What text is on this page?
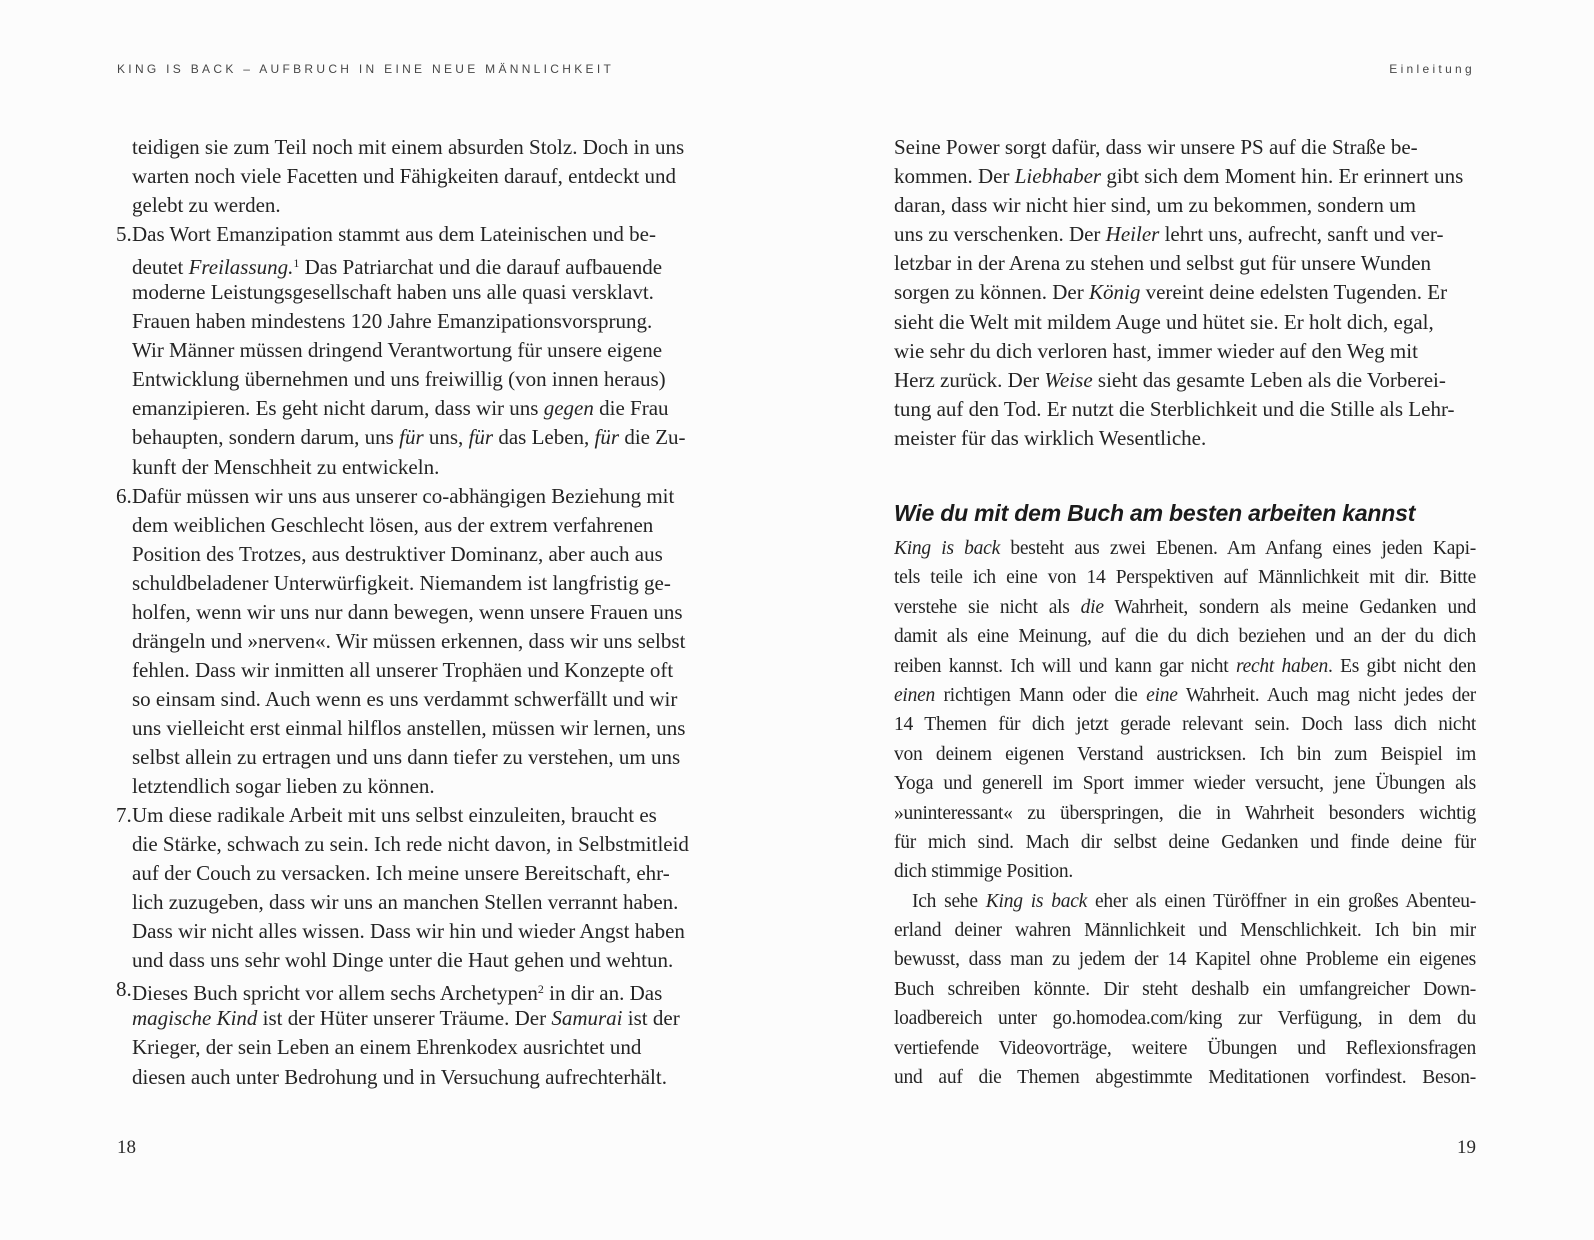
KING IS BACK – AUFBRUCH IN EINE NEUE MÄNNLICHKEIT
teidigen sie zum Teil noch mit einem absurden Stolz. Doch in uns
warten noch viele Facetten und Fähigkeiten darauf, entdeckt und
gelebt zu werden.
5. Das Wort Emanzipation stammt aus dem Lateinischen und be-
deutet Freilassung.$^1$ Das Patriarchat und die darauf aufbauende
moderne Leistungsgesellschaft haben uns alle quasi versklavt.
Frauen haben mindestens 120 Jahre Emanzipationsvorsprung.
Wir Männer müssen dringend Verantwortung für unsere eigene
Entwicklung übernehmen und uns freiwillig (von innen heraus)
emanzipieren. Es geht nicht darum, dass wir uns gegen die Frau
behaupten, sondern darum, uns für uns, für das Leben, für die Zu-
kunft der Menschheit zu entwickeln.
6. Dafür müssen wir uns aus unserer co-abhängigen Beziehung mit
dem weiblichen Geschlecht lösen, aus der extrem verfahrenen
Position des Trotzes, aus destruktiver Dominanz, aber auch aus
schuldbeladener Unterwürfigkeit. Niemandem ist langfristig ge-
holfen, wenn wir uns nur dann bewegen, wenn unsere Frauen uns
drängeln und »nerven«. Wir müssen erkennen, dass wir uns selbst
fehlen. Dass wir inmitten all unserer Trophäen und Konzepte oft
so einsam sind. Auch wenn es uns verdammt schwerfällt und wir
uns vielleicht erst einmal hilflos anstellen, müssen wir lernen, uns
selbst allein zu ertragen und uns dann tiefer zu verstehen, um uns
letztendlich sogar lieben zu können.
7. Um diese radikale Arbeit mit uns selbst einzuleiten, braucht es
die Stärke, schwach zu sein. Ich rede nicht davon, in Selbstmitleid
auf der Couch zu versacken. Ich meine unsere Bereitschaft, ehr-
lich zuzugeben, dass wir uns an manchen Stellen verrannt haben.
Dass wir nicht alles wissen. Dass wir hin und wieder Angst haben
und dass uns sehr wohl Dinge unter die Haut gehen und wehtun.
8. Dieses Buch spricht vor allem sechs Archetypen$^2$ in dir an. Das
magische Kind ist der Hüter unserer Träume. Der Samurai ist der
Krieger, der sein Leben an einem Ehrenkodex ausrichtet und
diesen auch unter Bedrohung und in Versuchung aufrechterhält.
18
Einleitung
Seine Power sorgt dafür, dass wir unsere PS auf die Straße be-
kommen. Der Liebhaber gibt sich dem Moment hin. Er erinnert uns
daran, dass wir nicht hier sind, um zu bekommen, sondern um
uns zu verschenken. Der Heiler lehrt uns, aufrecht, sanft und ver-
letzbar in der Arena zu stehen und selbst gut für unsere Wunden
sorgen zu können. Der König vereint deine edelsten Tugenden. Er
sieht die Welt mit mildem Auge und hütet sie. Er holt dich, egal,
wie sehr du dich verloren hast, immer wieder auf den Weg mit
Herz zurück. Der Weise sieht das gesamte Leben als die Vorberei-
tung auf den Tod. Er nutzt die Sterblichkeit und die Stille als Lehr-
meister für das wirklich Wesentliche.
Wie du mit dem Buch am besten arbeiten kannst
King is back besteht aus zwei Ebenen. Am Anfang eines jeden Kapi-
tels teile ich eine von 14 Perspektiven auf Männlichkeit mit dir. Bitte
verstehe sie nicht als die Wahrheit, sondern als meine Gedanken und
damit als eine Meinung, auf die du dich beziehen und an der du dich
reiben kannst. Ich will und kann gar nicht recht haben. Es gibt nicht den
einen richtigen Mann oder die eine Wahrheit. Auch mag nicht jedes der
14 Themen für dich jetzt gerade relevant sein. Doch lass dich nicht
von deinem eigenen Verstand austricksen. Ich bin zum Beispiel im
Yoga und generell im Sport immer wieder versucht, jene Übungen als
»uninteressant« zu überspringen, die in Wahrheit besonders wichtig
für mich sind. Mach dir selbst deine Gedanken und finde deine für
dich stimmige Position.
Ich sehe King is back eher als einen Türöffner in ein großes Abenteu-
erland deiner wahren Männlichkeit und Menschlichkeit. Ich bin mir
bewusst, dass man zu jedem der 14 Kapitel ohne Probleme ein eigenes
Buch schreiben könnte. Dir steht deshalb ein umfangreicher Down-
loadbereich unter go.homodea.com/king zur Verfügung, in dem du
vertiefende Videovorträge, weitere Übungen und Reflexionsfragen
und auf die Themen abgestimmte Meditationen vorfindest. Beson-
19
